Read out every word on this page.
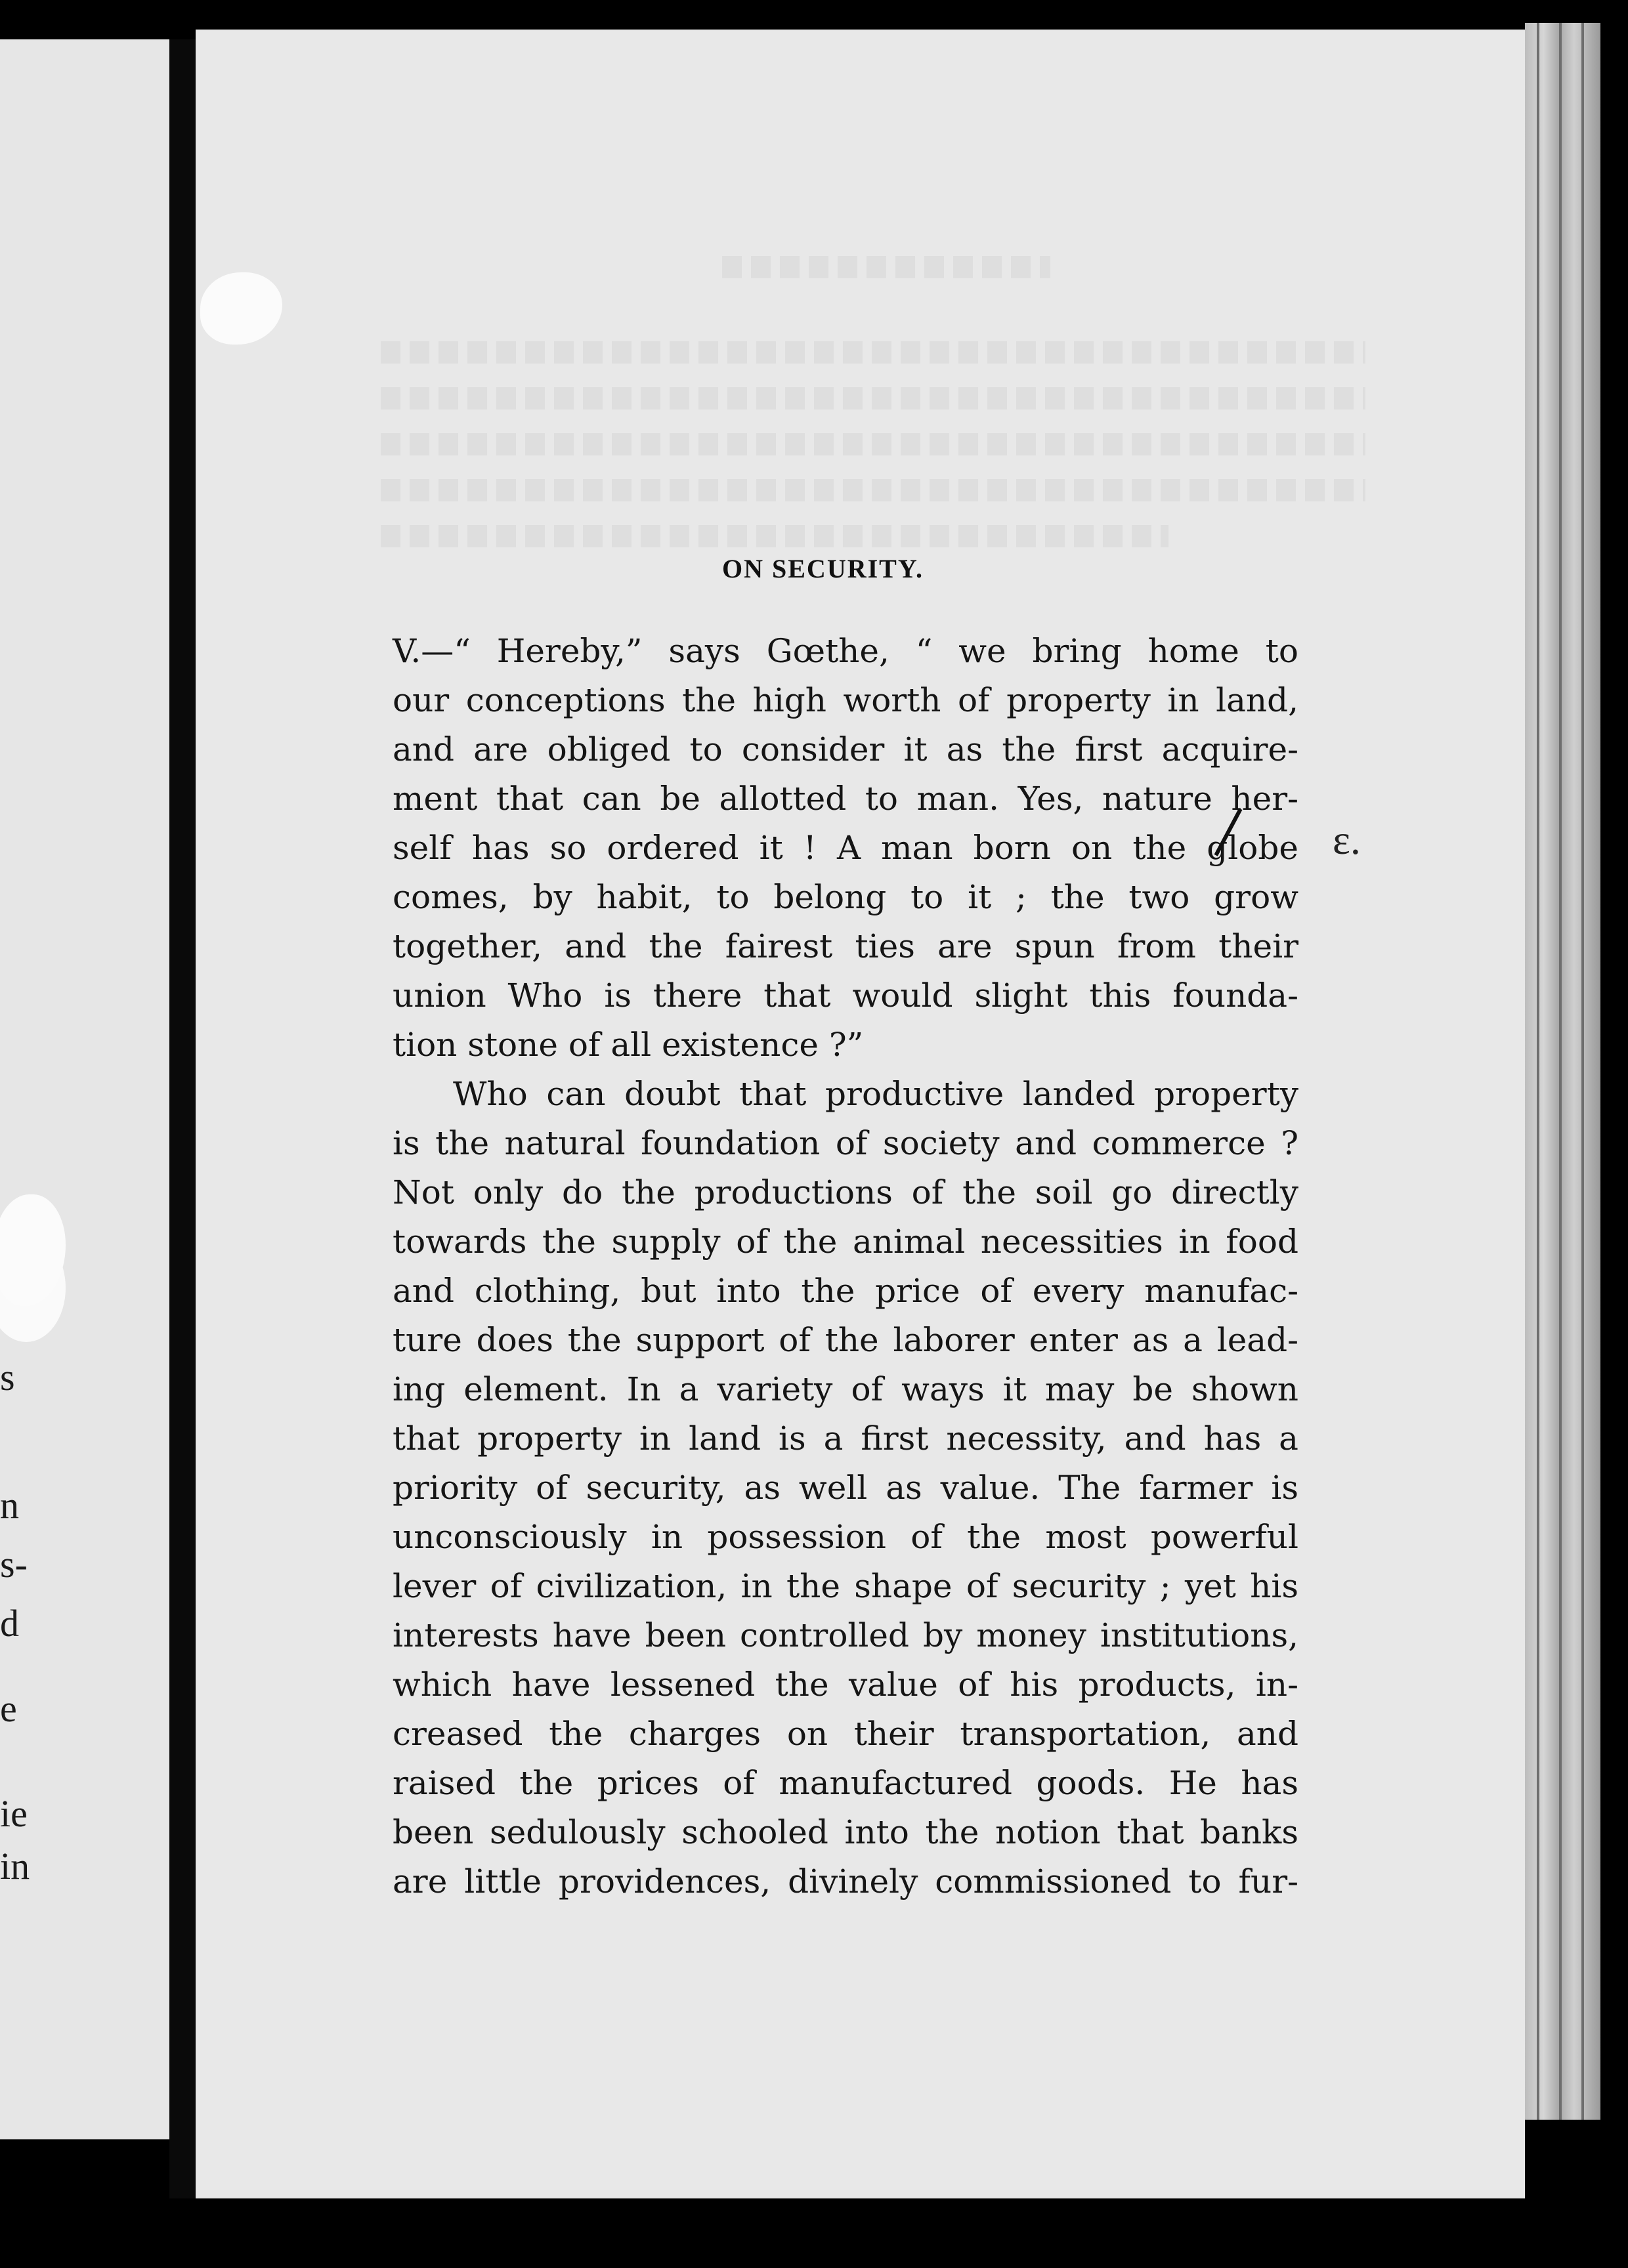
s
n
s-
d
e
ie
in
ON SECURITY.
V.—“ Hereby,” says Gœthe, “ we bring home to
our conceptions the high worth of property in land,
and are obliged to consider it as the first acquire-
ment that can be allotted to man. Yes, nature her-
self has so ordered it ! A man born on the globe
comes, by habit, to belong to it ; the two grow
together, and the fairest ties are spun from their
union Who is there that would slight this founda-
tion stone of all existence ?”
Who can doubt that productive landed property
is the natural foundation of society and commerce ?
Not only do the productions of the soil go directly
towards the supply of the animal necessities in food
and clothing, but into the price of every manufac-
ture does the support of the laborer enter as a lead-
ing element. In a variety of ways it may be shown
that property in land is a first necessity, and has a
priority of security, as well as value. The farmer is
unconsciously in possession of the most powerful
lever of civilization, in the shape of security ; yet his
interests have been controlled by money institutions,
which have lessened the value of his products, in-
creased the charges on their transportation, and
raised the prices of manufactured goods. He has
been sedulously schooled into the notion that banks
are little providences, divinely commissioned to fur-
ε.
